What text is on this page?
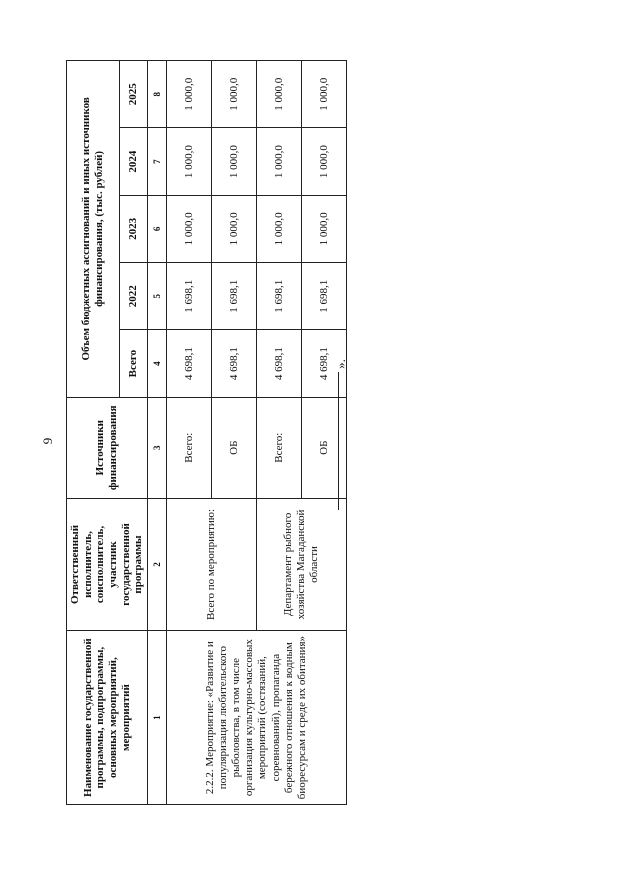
9
Наименование государственной программы, подпрограммы, основных мероприятий, мероприятий	Ответственный исполнитель, соисполнитель, участник государственной программы	Источники финансирования	Объем бюджетных ассигнований и иных источников финансирования, (тыс. рублей)				
			Всего	2022	2023	2024	2025
1	2	3	4	5	6	7	8
2.2.2. Мероприятие: «Развитие и популяризация любительского рыболовства, в том числе организация культурно-массовых мероприятий (состязаний, соревнований), пропаганда бережного отношения к водным биоресурсам и среде их обитания»	Всего по мероприятию:	Всего:	4 698,1	1 698,1	1 000,0	1 000,0	1 000,0
		ОБ	4 698,1	1 698,1	1 000,0	1 000,0	1 000,0
	Департамент рыбного хозяйства Магаданской области	Всего:	4 698,1	1 698,1	1 000,0	1 000,0	1 000,0
		ОБ	4 698,1	1 698,1	1 000,0	1 000,0	1 000,0
».
